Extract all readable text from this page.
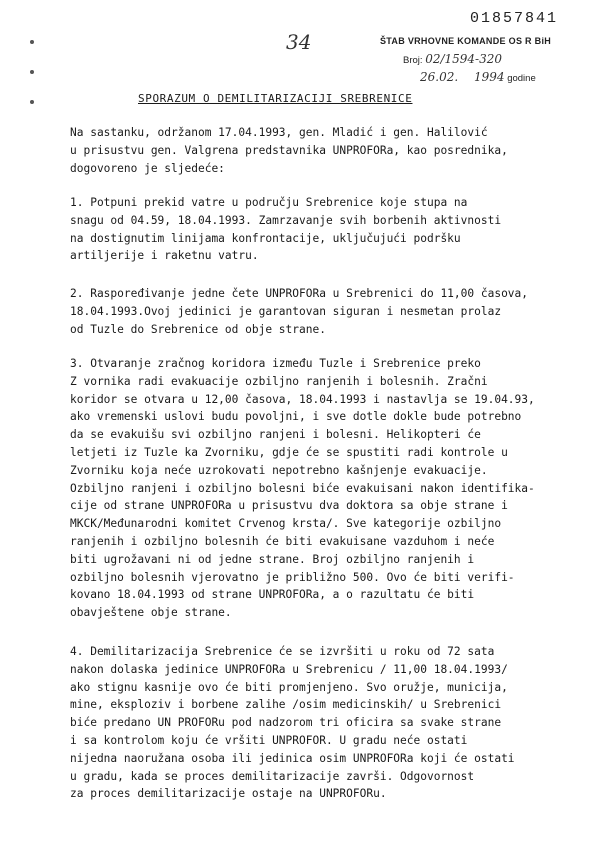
01857841
34	ŠTAB VRHOVNE KOMANDE OS R BiH
Broj: 02/1594-320
26.02. 1994 godine
SPORAZUM O DEMILITARIZACIJI SREBRENICE
Na sastanku, održanom 17.04.1993, gen. Mladić i gen. Halilović
u prisustvu gen. Valgrena predstavnika UNPROFORa, kao posrednika,
dogovoreno je sljedeće:
1. Potpuni prekid vatre u području Srebrenice koje stupa na
snagu od 04.59, 18.04.1993. Zamrzavanje svih borbenih aktivnosti
na dostignutim linijama konfrontacije, uključujući podršku
artiljerije i raketnu vatru.
2. Raspoređivanje jedne čete UNPROFORa u Srebrenici do 11,00 časova,
18.04.1993.Ovoj jedinici je garantovan siguran i nesmetan prolaz
od Tuzle do Srebrenice od obje strane.
3. Otvaranje zračnog koridora između Tuzle i Srebrenice preko
Z vornika radi evakuacije ozbiljno ranjenih i bolesnih. Zračni
koridor se otvara u 12,00 časova, 18.04.1993 i nastavlja se 19.04.93,
ako vremenski uslovi budu povoljni, i sve dotle dokle bude potrebno
da se evakuišu svi ozbiljno ranjeni i bolesni. Helikopteri će
letjeti iz Tuzle ka Zvorniku, gdje će se spustiti radi kontrole u
Zvorniku koja neće uzrokovati nepotrebno kašnjenje evakuacije.
Ozbiljno ranjeni i ozbiljno bolesni biće evakuisani nakon identifika-
cije od strane UNPROFORa u prisustvu dva doktora sa obje strane i
MKCK/Međunarodni komitet Crvenog krsta/. Sve kategorije ozbiljno
ranjenih i ozbiljno bolesnih će biti evakuisane vazduhom i neće
biti ugrožavani ni od jedne strane. Broj ozbiljno ranjenih i
ozbiljno bolesnih vjerovatno je približno 500. Ovo će biti verifi-
kovano 18.04.1993 od strane UNPROFORa, a o razultatu će biti
obavještene obje strane.
4. Demilitarizacija Srebrenice će se izvršiti u roku od 72 sata
nakon dolaska jedinice UNPROFORa u Srebrenicu / 11,00 18.04.1993/
ako stignu kasnije ovo će biti promjenjeno. Svo oružje, municija,
mine, eksploziv i borbene zalihe /osim medicinskih/ u Srebrenici
biće predano UN PROFORu pod nadzorom tri oficira sa svake strane
i sa kontrolom koju će vršiti UNPROFOR. U gradu neće ostati
nijedna naoružana osoba ili jedinica osim UNPROFORa koji će ostati
u gradu, kada se proces demilitarizacije završi. Odgovornost
za proces demilitarizacije ostaje na UNPROFORu.
